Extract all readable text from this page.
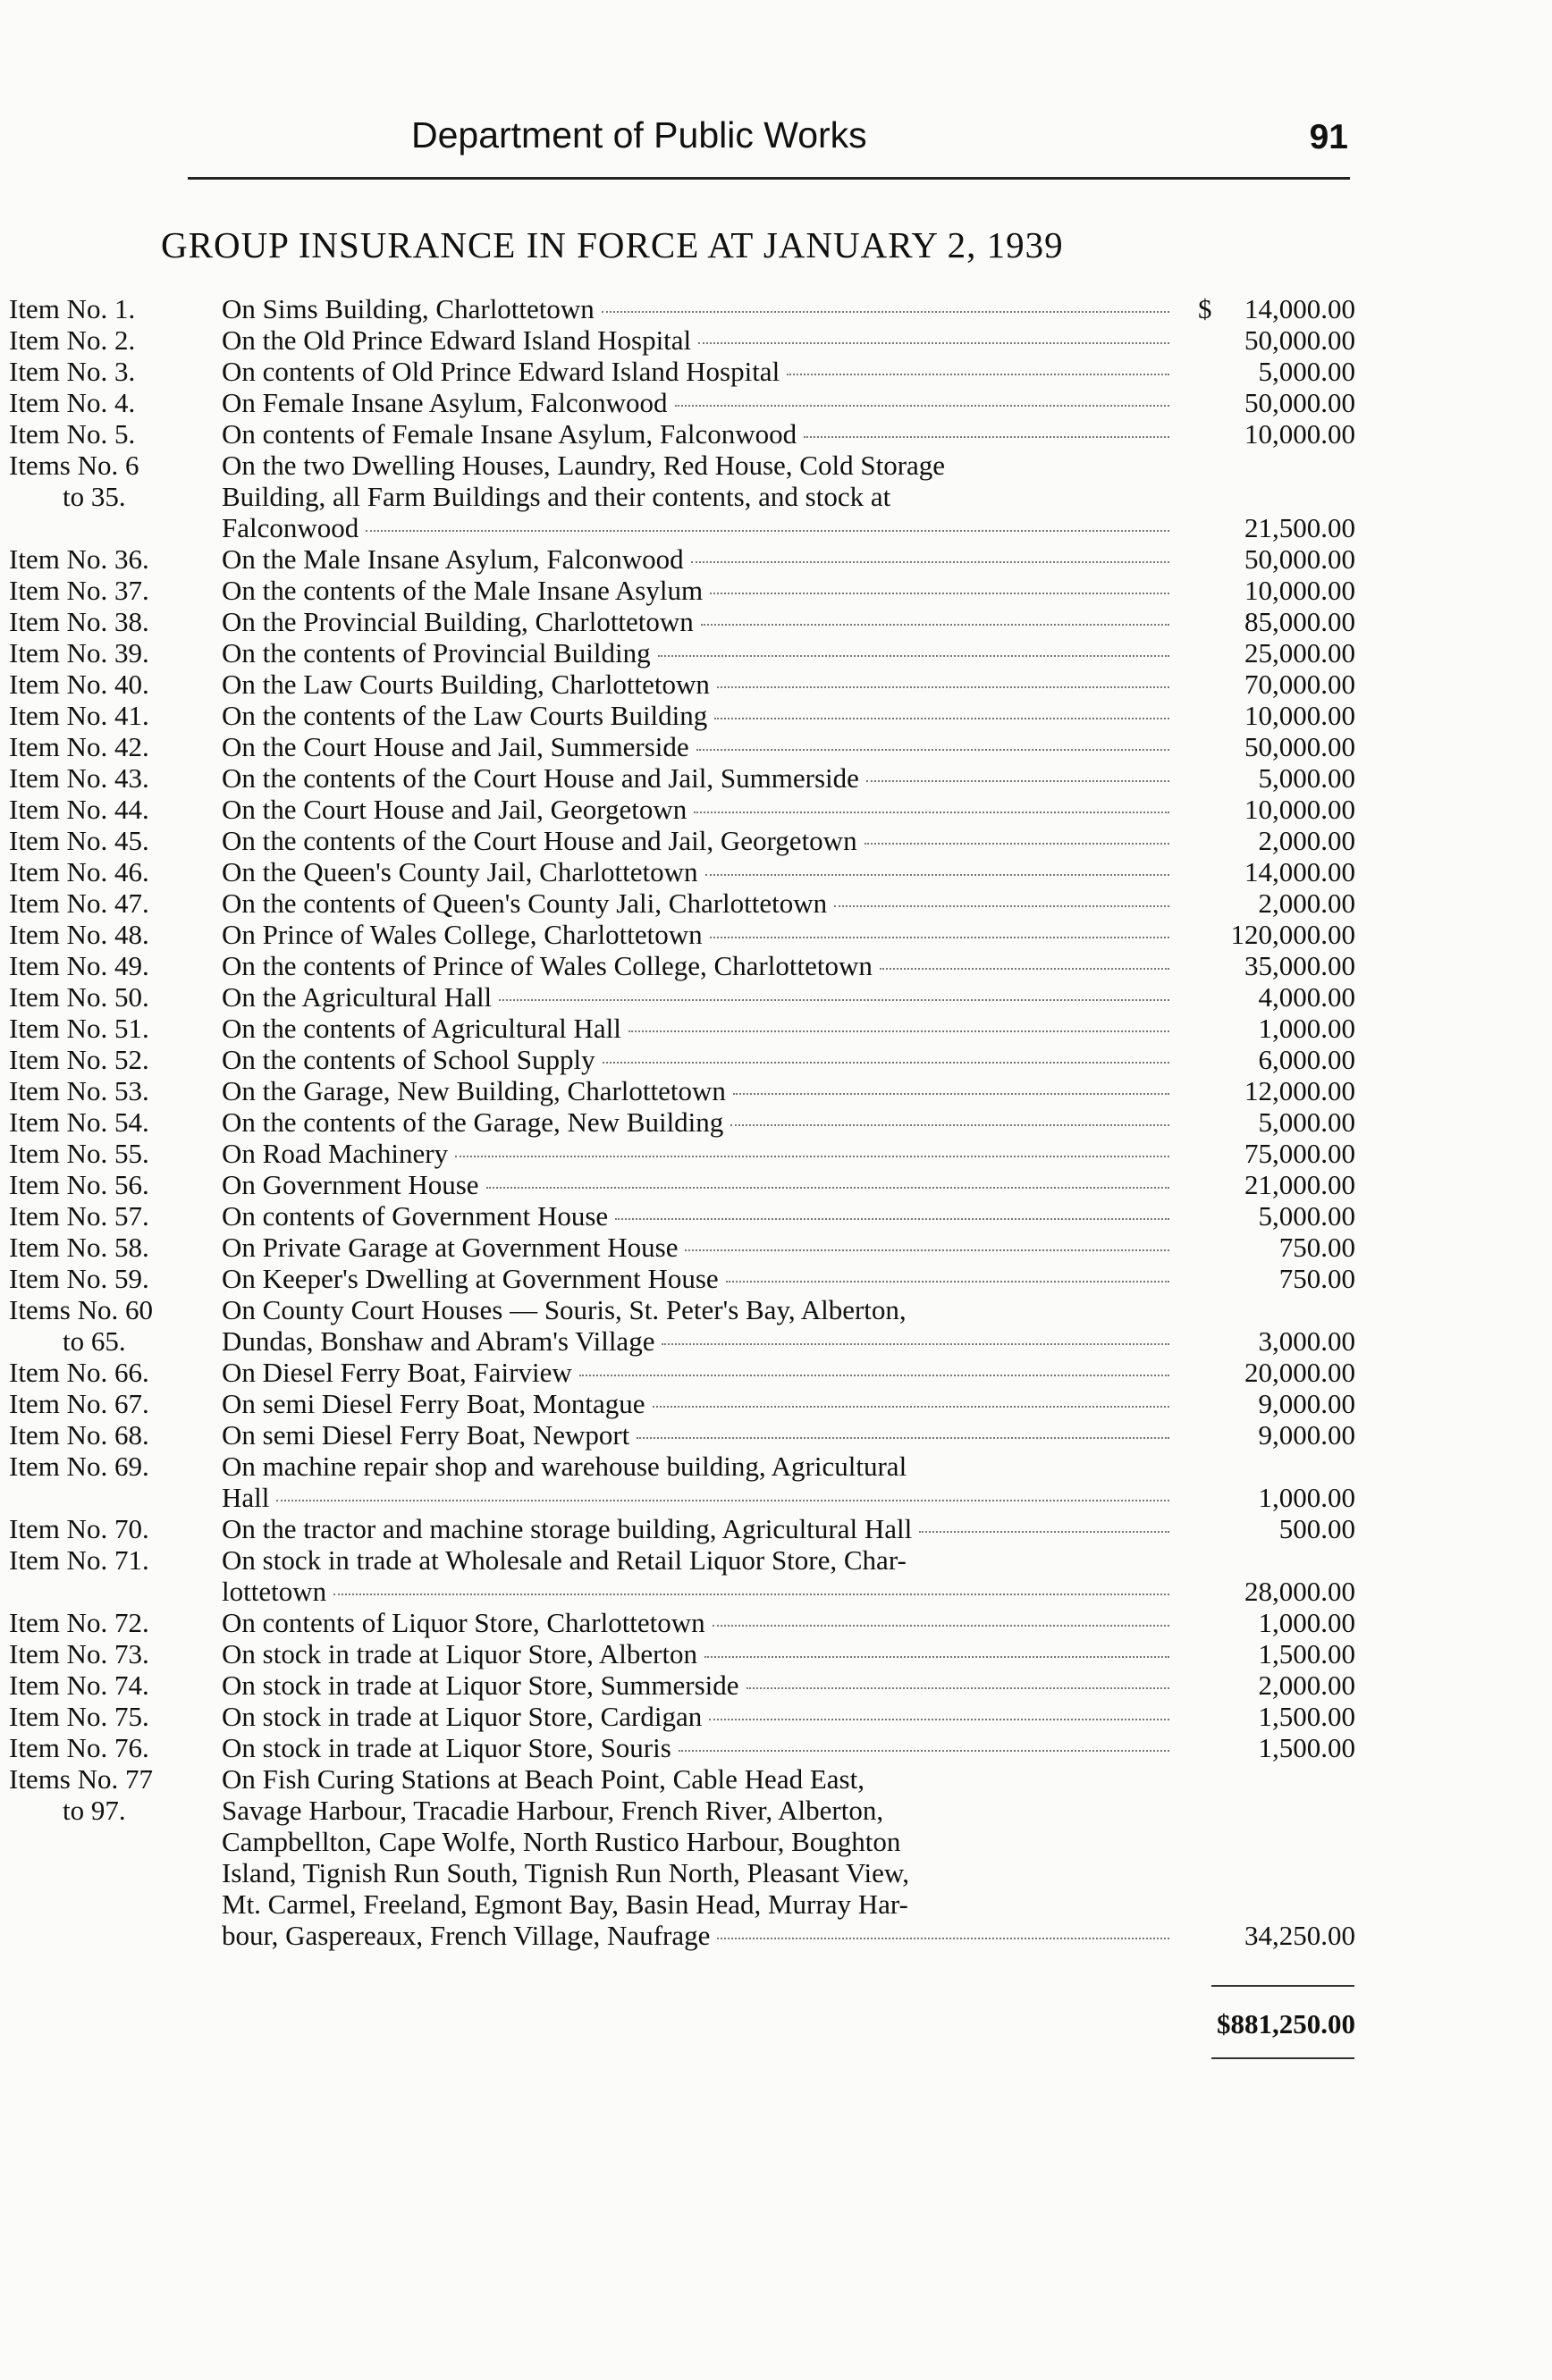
Department of Public Works	91
GROUP INSURANCE IN FORCE AT JANUARY 2, 1939
Item No. 1.	On Sims Building, Charlottetown	$	14,000.00
Item No. 2.	On the Old Prince Edward Island Hospital	50,000.00
Item No. 3.	On contents of Old Prince Edward Island Hospital	5,000.00
Item No. 4.	On Female Insane Asylum, Falconwood	50,000.00
Item No. 5.	On contents of Female Insane Asylum, Falconwood	10,000.00
Items No. 6	On the two Dwelling Houses, Laundry, Red House, Cold Storage
to 35.	Building, all Farm Buildings and their contents, and stock at
Falconwood	21,500.00
Item No. 36.	On the Male Insane Asylum, Falconwood	50,000.00
Item No. 37.	On the contents of the Male Insane Asylum	10,000.00
Item No. 38.	On the Provincial Building, Charlottetown	85,000.00
Item No. 39.	On the contents of Provincial Building	25,000.00
Item No. 40.	On the Law Courts Building, Charlottetown	70,000.00
Item No. 41.	On the contents of the Law Courts Building	10,000.00
Item No. 42.	On the Court House and Jail, Summerside	50,000.00
Item No. 43.	On the contents of the Court House and Jail, Summerside	5,000.00
Item No. 44.	On the Court House and Jail, Georgetown	10,000.00
Item No. 45.	On the contents of the Court House and Jail, Georgetown	2,000.00
Item No. 46.	On the Queen's County Jail, Charlottetown	14,000.00
Item No. 47.	On the contents of Queen's County Jali, Charlottetown	2,000.00
Item No. 48.	On Prince of Wales College, Charlottetown	120,000.00
Item No. 49.	On the contents of Prince of Wales College, Charlottetown	35,000.00
Item No. 50.	On the Agricultural Hall	4,000.00
Item No. 51.	On the contents of Agricultural Hall	1,000.00
Item No. 52.	On the contents of School Supply	6,000.00
Item No. 53.	On the Garage, New Building, Charlottetown	12,000.00
Item No. 54.	On the contents of the Garage, New Building	5,000.00
Item No. 55.	On Road Machinery	75,000.00
Item No. 56.	On Government House	21,000.00
Item No. 57.	On contents of Government House	5,000.00
Item No. 58.	On Private Garage at Government House	750.00
Item No. 59.	On Keeper's Dwelling at Government House	750.00
Items No. 60	On County Court Houses — Souris, St. Peter's Bay, Alberton,
to 65.	Dundas, Bonshaw and Abram's Village	3,000.00
Item No. 66.	On Diesel Ferry Boat, Fairview	20,000.00
Item No. 67.	On semi Diesel Ferry Boat, Montague	9,000.00
Item No. 68.	On semi Diesel Ferry Boat, Newport	9,000.00
Item No. 69.	On machine repair shop and warehouse building, Agricultural
Hall	1,000.00
Item No. 70.	On the tractor and machine storage building, Agricultural Hall	500.00
Item No. 71.	On stock in trade at Wholesale and Retail Liquor Store, Char-
lottetown	28,000.00
Item No. 72.	On contents of Liquor Store, Charlottetown	1,000.00
Item No. 73.	On stock in trade at Liquor Store, Alberton	1,500.00
Item No. 74.	On stock in trade at Liquor Store, Summerside	2,000.00
Item No. 75.	On stock in trade at Liquor Store, Cardigan	1,500.00
Item No. 76.	On stock in trade at Liquor Store, Souris	1,500.00
Items No. 77	On Fish Curing Stations at Beach Point, Cable Head East,
to 97.	Savage Harbour, Tracadie Harbour, French River, Alberton,
Campbellton, Cape Wolfe, North Rustico Harbour, Boughton
Island, Tignish Run South, Tignish Run North, Pleasant View,
Mt. Carmel, Freeland, Egmont Bay, Basin Head, Murray Har-
bour, Gaspereaux, French Village, Naufrage	34,250.00
$881,250.00
